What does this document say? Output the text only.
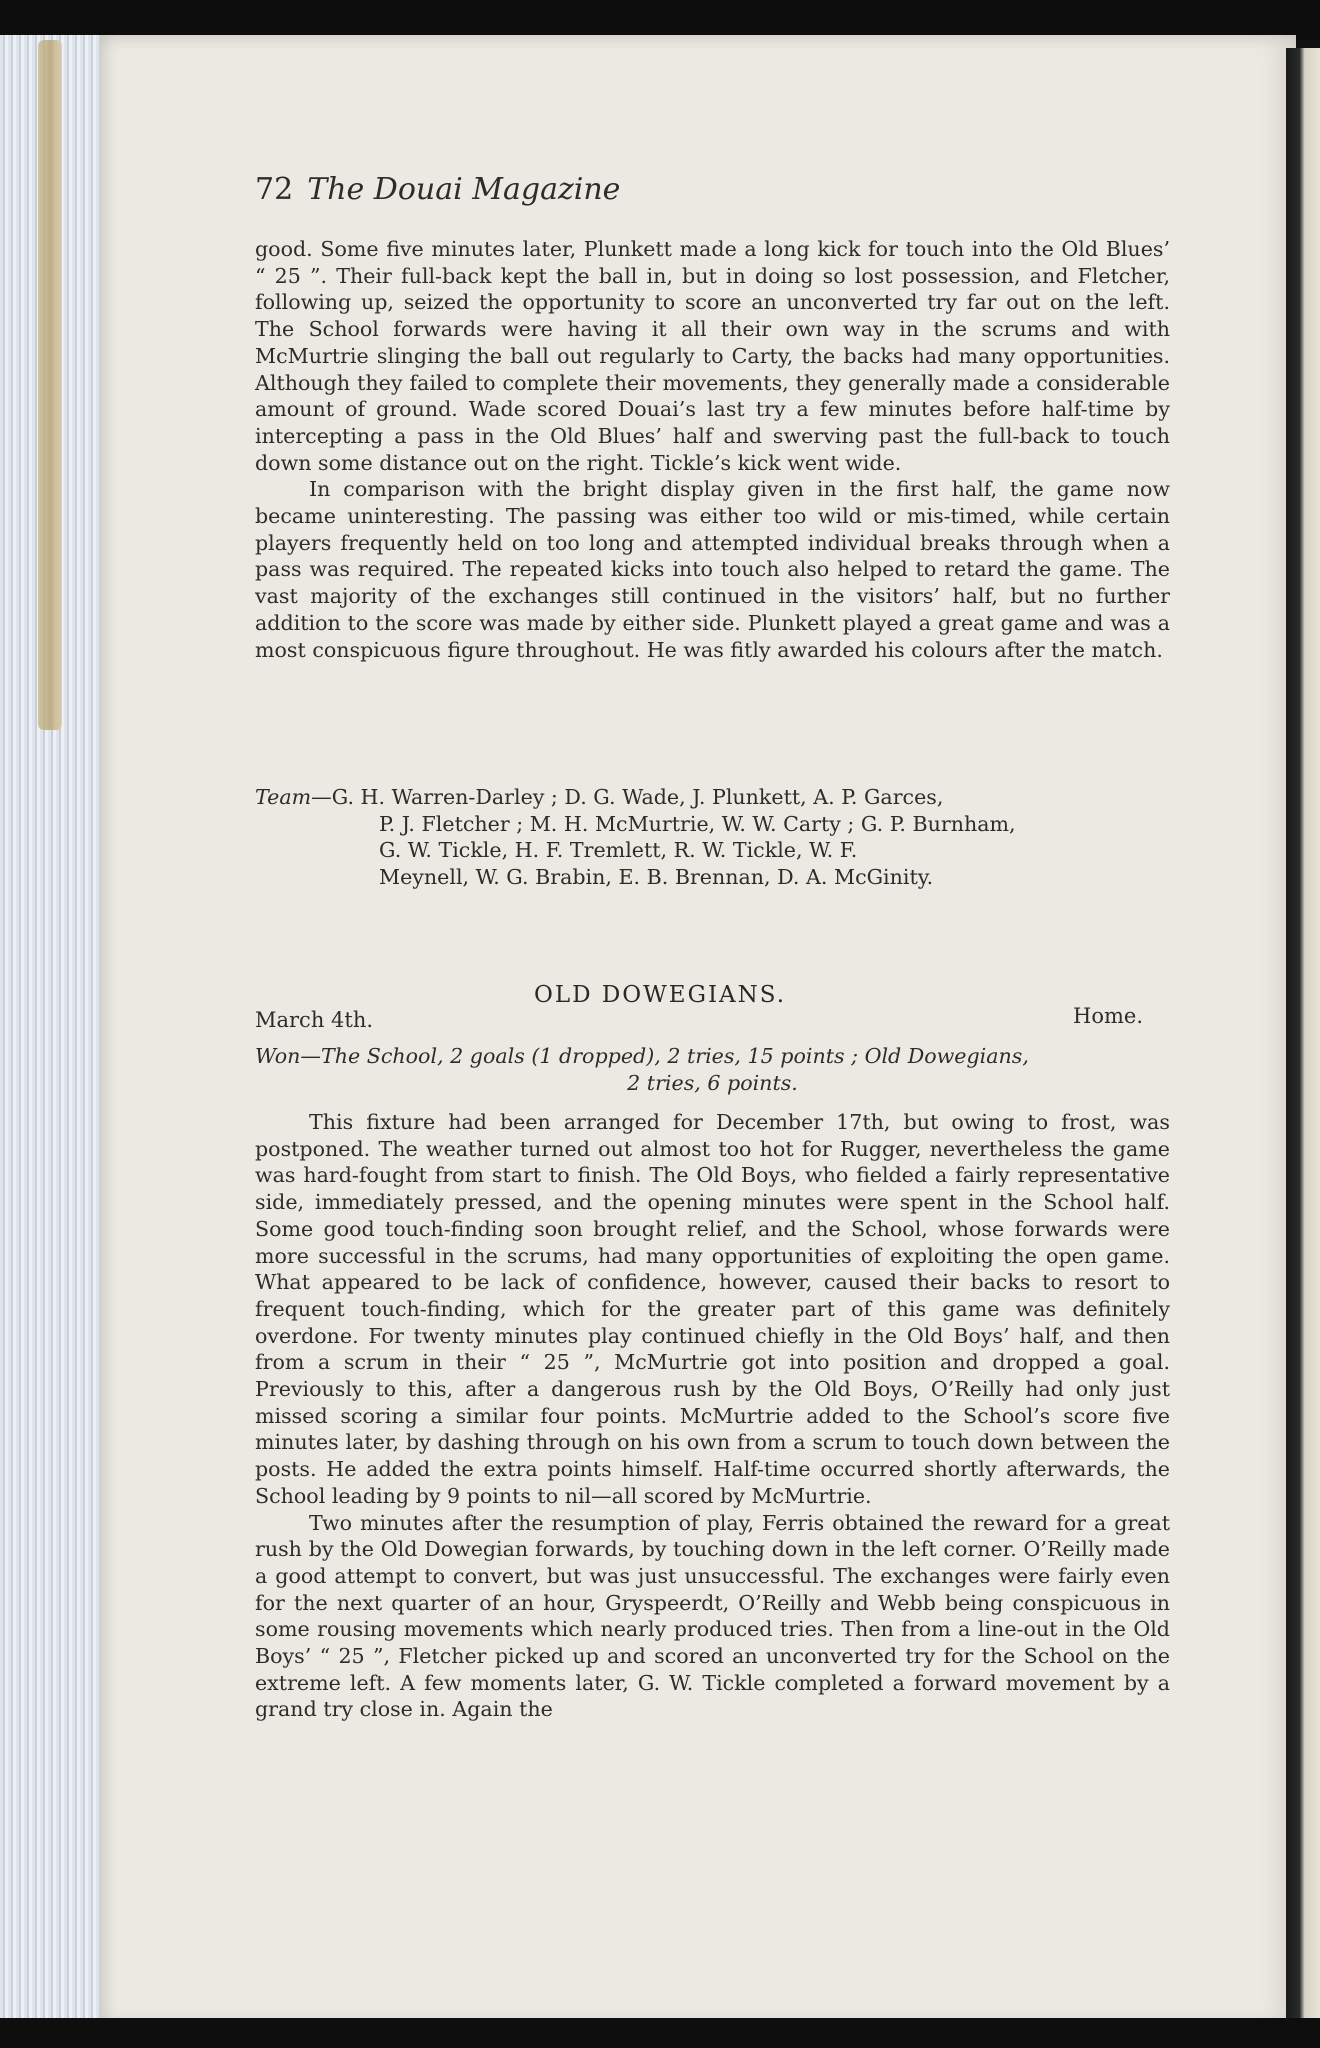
72 The Douai Magazine

good. Some five minutes later, Plunkett made a long kick for touch into the Old Blues’ “ 25 ”. Their full-back kept the ball in, but in doing so lost possession, and Fletcher, following up, seized the opportunity to score an unconverted try far out on the left. The School forwards were having it all their own way in the scrums and with McMurtrie slinging the ball out regularly to Carty, the backs had many opportunities. Although they failed to complete their movements, they generally made a considerable amount of ground. Wade scored Douai’s last try a few minutes before half-time by intercepting a pass in the Old Blues’ half and swerving past the full-back to touch down some distance out on the right. Tickle’s kick went wide.

In comparison with the bright display given in the first half, the game now became uninteresting. The passing was either too wild or mis-timed, while certain players frequently held on too long and attempted individual breaks through when a pass was required. The repeated kicks into touch also helped to retard the game. The vast majority of the exchanges still continued in the visitors’ half, but no further addition to the score was made by either side. Plunkett played a great game and was a most conspicuous figure throughout. He was fitly awarded his colours after the match.

Team—G. H. Warren-Darley ; D. G. Wade, J. Plunkett, A. P. Garces,
P. J. Fletcher ; M. H. McMurtrie, W. W. Carty ; G. P. Burnham,
G. W. Tickle, H. F. Tremlett, R. W. Tickle, W. F.
Meynell, W. G. Brabin, E. B. Brennan, D. A. McGinity.
OLD DOWEGIANS.
March 4th.	Home.
Won—The School, 2 goals (1 dropped), 2 tries, 15 points ; Old Dowegians,
2 tries, 6 points.

This fixture had been arranged for December 17th, but owing to frost, was postponed. The weather turned out almost too hot for Rugger, nevertheless the game was hard-fought from start to finish. The Old Boys, who fielded a fairly representative side, immediately pressed, and the opening minutes were spent in the School half. Some good touch-finding soon brought relief, and the School, whose forwards were more successful in the scrums, had many opportunities of exploiting the open game. What appeared to be lack of confidence, however, caused their backs to resort to frequent touch-finding, which for the greater part of this game was definitely overdone. For twenty minutes play continued chiefly in the Old Boys’ half, and then from a scrum in their “ 25 ”, McMurtrie got into position and dropped a goal. Previously to this, after a dangerous rush by the Old Boys, O’Reilly had only just missed scoring a similar four points. McMurtrie added to the School’s score five minutes later, by dashing through on his own from a scrum to touch down between the posts. He added the extra points himself. Half-time occurred shortly afterwards, the School leading by 9 points to nil—all scored by McMurtrie.

Two minutes after the resumption of play, Ferris obtained the reward for a great rush by the Old Dowegian forwards, by touching down in the left corner. O’Reilly made a good attempt to convert, but was just unsuccessful. The exchanges were fairly even for the next quarter of an hour, Gryspeerdt, O’Reilly and Webb being conspicuous in some rousing movements which nearly produced tries. Then from a line-out in the Old Boys’ “ 25 ”, Fletcher picked up and scored an unconverted try for the School on the extreme left. A few moments later, G. W. Tickle completed a forward movement by a grand try close in. Again the
